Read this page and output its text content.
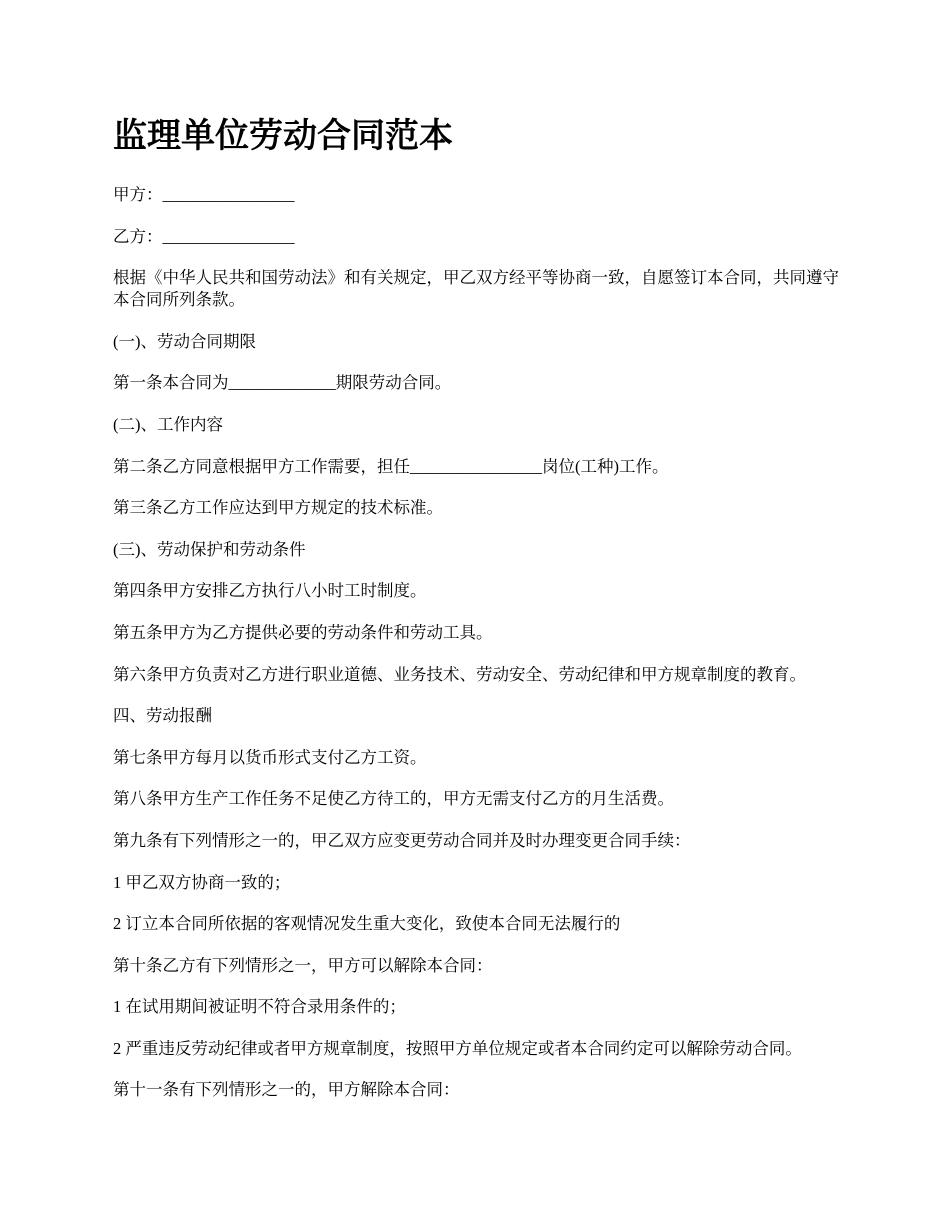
监理单位劳动合同范本

甲方：________________

乙方：________________

根据《中华人民共和国劳动法》和有关规定，甲乙双方经平等协商一致，自愿签订本合同，共同遵守本合同所列条款。

(一)、劳动合同期限

第一条本合同为_____________期限劳动合同。

(二)、工作内容

第二条乙方同意根据甲方工作需要，担任________________岗位(工种)工作。

第三条乙方工作应达到甲方规定的技术标准。

(三)、劳动保护和劳动条件

第四条甲方安排乙方执行八小时工时制度。

第五条甲方为乙方提供必要的劳动条件和劳动工具。

第六条甲方负责对乙方进行职业道德、业务技术、劳动安全、劳动纪律和甲方规章制度的教育。

四、劳动报酬

第七条甲方每月以货币形式支付乙方工资。

第八条甲方生产工作任务不足使乙方待工的，甲方无需支付乙方的月生活费。

第九条有下列情形之一的，甲乙双方应变更劳动合同并及时办理变更合同手续：

1 甲乙双方协商一致的；

2 订立本合同所依据的客观情况发生重大变化，致使本合同无法履行的

第十条乙方有下列情形之一，甲方可以解除本合同：

1 在试用期间被证明不符合录用条件的；

2 严重违反劳动纪律或者甲方规章制度，按照甲方单位规定或者本合同约定可以解除劳动合同。

第十一条有下列情形之一的，甲方解除本合同：
